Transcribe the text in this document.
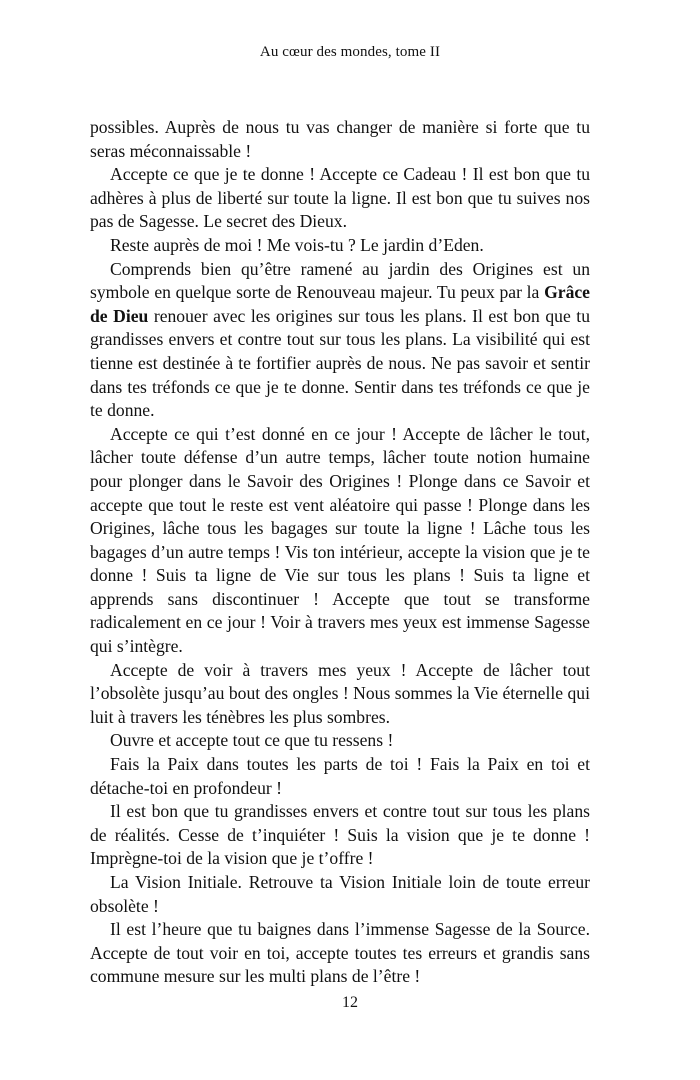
Au cœur des mondes, tome II

possibles. Auprès de nous tu vas changer de manière si forte que tu seras méconnaissable !

Accepte ce que je te donne ! Accepte ce Cadeau ! Il est bon que tu adhères à plus de liberté sur toute la ligne. Il est bon que tu suives nos pas de Sagesse. Le secret des Dieux.

Reste auprès de moi ! Me vois-tu ? Le jardin d’Eden.

Comprends bien qu’être ramené au jardin des Origines est un symbole en quelque sorte de Renouveau majeur. Tu peux par la Grâce de Dieu renouer avec les origines sur tous les plans. Il est bon que tu grandisses envers et contre tout sur tous les plans. La visibilité qui est tienne est destinée à te fortifier auprès de nous. Ne pas savoir et sentir dans tes tréfonds ce que je te donne. Sentir dans tes tréfonds ce que je te donne.

Accepte ce qui t’est donné en ce jour ! Accepte de lâcher le tout, lâcher toute défense d’un autre temps, lâcher toute notion humaine pour plonger dans le Savoir des Origines ! Plonge dans ce Savoir et accepte que tout le reste est vent aléatoire qui passe ! Plonge dans les Origines, lâche tous les bagages sur toute la ligne ! Lâche tous les bagages d’un autre temps ! Vis ton intérieur, accepte la vision que je te donne ! Suis ta ligne de Vie sur tous les plans ! Suis ta ligne et apprends sans discontinuer ! Accepte que tout se transforme radicalement en ce jour ! Voir à travers mes yeux est immense Sagesse qui s’intègre.

Accepte de voir à travers mes yeux ! Accepte de lâcher tout l’obsolète jusqu’au bout des ongles ! Nous sommes la Vie éternelle qui luit à travers les ténèbres les plus sombres.

Ouvre et accepte tout ce que tu ressens !

Fais la Paix dans toutes les parts de toi ! Fais la Paix en toi et détache-toi en profondeur !

Il est bon que tu grandisses envers et contre tout sur tous les plans de réalités. Cesse de t’inquiéter ! Suis la vision que je te donne ! Imprègne-toi de la vision que je t’offre !

La Vision Initiale. Retrouve ta Vision Initiale loin de toute erreur obsolète !

Il est l’heure que tu baignes dans l’immense Sagesse de la Source. Accepte de tout voir en toi, accepte toutes tes erreurs et grandis sans commune mesure sur les multi plans de l’être !

12
